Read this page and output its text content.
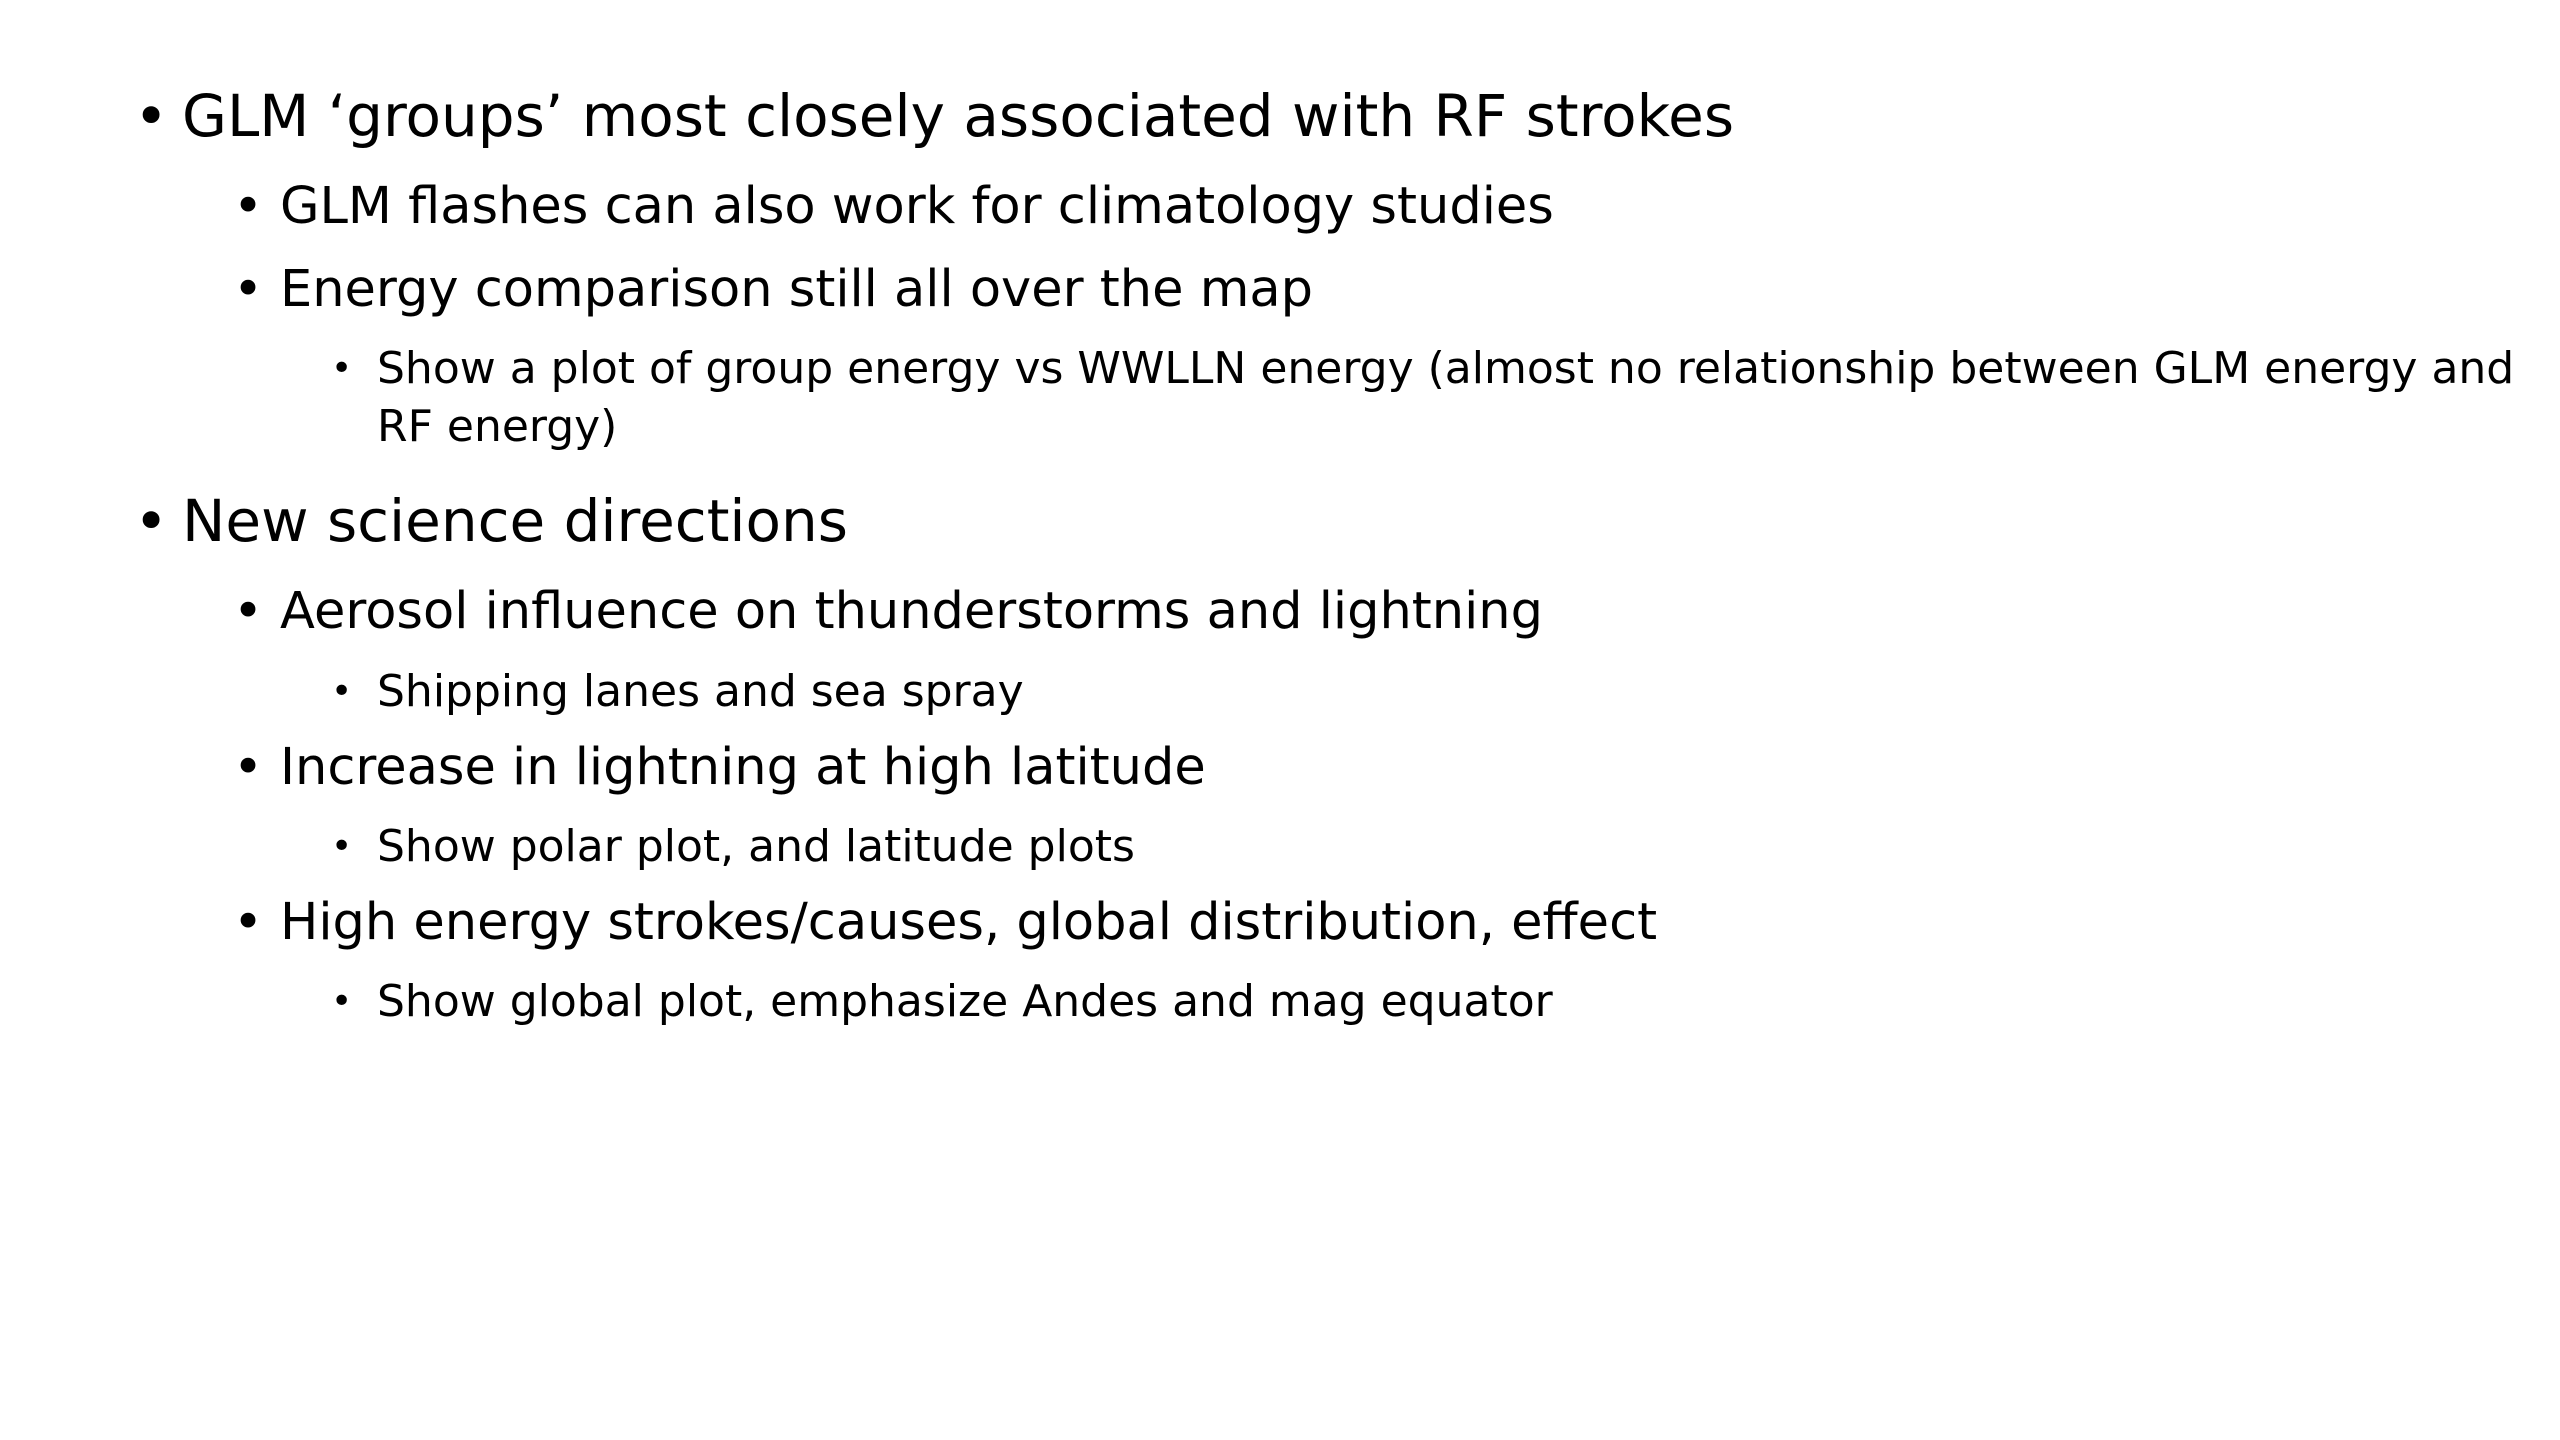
• GLM ‘groups’ most closely associated with RF strokes
• GLM flashes can also work for climatology studies
• Energy comparison still all over the map
• Show a plot of group energy vs WWLLN energy (almost no relationship between GLM energy and RF energy)
• New science directions
• Aerosol influence on thunderstorms and lightning
• Shipping lanes and sea spray
• Increase in lightning at high latitude
• Show polar plot, and latitude plots
• High energy strokes/causes, global distribution, effect
• Show global plot, emphasize Andes and mag equator
